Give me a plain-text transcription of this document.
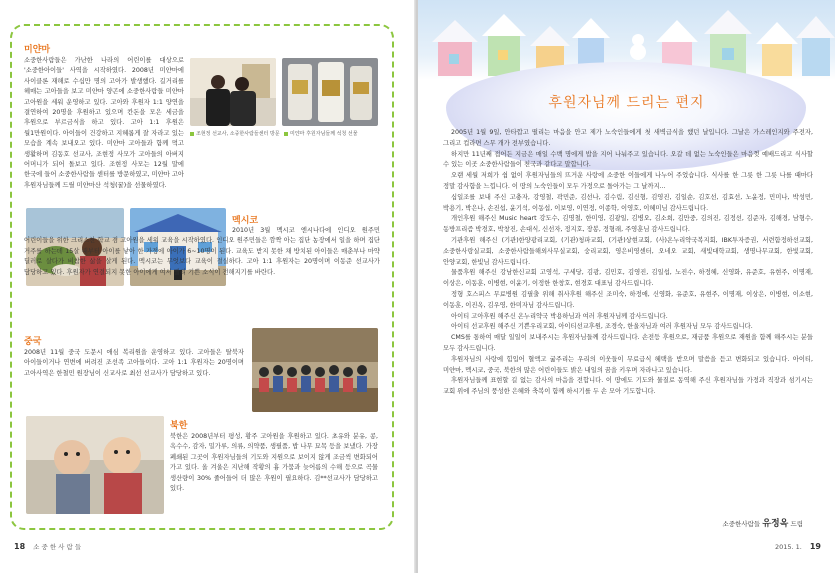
미얀마
소중한사람들은 가난한 나라의 어린이를 대상으로 '소중한아이들' 사역을 시작하였다. 2008년 미얀마에 사이클론 재해로 수십만 명의 고아가 발생했다. 길거리를 헤매는 고아들을 보고 미얀마 양곤에 소중한사람들 미얀마 고아원을 세워 운영하고 있다. 고아와 후원자 1:1 양연을 결연하여 20명을 후원하고 있으며 칸돈을 모은 세금을 후원으로 부르금식을 하고 있다. 고아 1:1 후원은 월1만원이다. 아이들이 건강하고 지혜롭게 잘 자라고 있는 모습을 계속 보내오고 있다. 미얀마 고아들과 함께 먹고 생활하며 김동호 선교사, 조현정 사모가 고아들의 아버지 어머니가 되어 돌보고 있다. 조현정 사모는 12월 말에 한국에 들어 소중한사람들 센터를 방문하였고, 미얀마 고아 후원자님들께 드릴 미얀마산 석청(꿀)을 선물하였다.
조현정 선교사, 소중한사람들센터 방문	미얀마 후원자님들께 석청 선물
멕시코
2010년 3월 멕시코 엔시나다에 인디오 원주민 어린이들을 위한 크리스찬 학교 겸 고아원을 세워 교육을 시작하였다. 인디오 원주민들은 깜짝 아는 집단 농장에서 일을 하며 집단 거주를 하는데 15살 때부터 아이를 낳아 한 가정에 아이가 6~10명이 된다. 교육도 받지 못한 채 방치된 아이들은 매춘부나 마약 딜러로 살다가 비참한 삶을 살게 된다. 멕시코는 무엇보다 교육이 절실하다. 고아 1:1 후원자는 20명이며 이동준 선교사가 담당하고 있다. 후원자가 연결되지 못한 아이에게 여서 빨리 기쁜 소식이 전해지기를 바란다.
중국
2008년 11월 중국 도문시 애심 복리원을 운영하고 있다. 고아들은 탈북자 아이들이거나 연변에 버려진 조선족 고아들이다. 고아 1:1 후원자는 20명이며 고아사역은 한철민 원장님이 신교사로 최선 선교사가 담당하고 있다.
북한
북한은 2008년부터 평성, 황주 고아원을 후원하고 있다. 초유와 분유, 콩, 옥수수, 감자, 밀가루, 의류, 의약품, 생필품, 밥 나무 묘목 등을 보냈다. 가장 폐쇄된 그곳이 후원자님들의 기도와 지원으로 보이지 않게 조금씩 변화되어 가고 있다. 올 겨울은 지난해 작황의 흉 가뭄과 늦어름의 수해 등으로 곡물 생산량이 30% 줄어들어 더 많은 후원이 필요하다. 김**선교사가 담당하고 있다.
18 소 중 한 사 람 들
후원자님께 드리는 편지

2005년 1월 9일, 안타깝고 떨리는 마음을 안고 제가 노숙인들에게 첫 새벽급식을 했던 날입니다. 그날은 가스레인지와 주전자, 그리고 컵라면 스무 개가 전부였습니다.

하지만 11년째 접어든 지금은 매일 수백 명에게 밥을 지어 나눠주고 있습니다. 오갈 데 없는 노숙인들은 마음껏 예배드리고 식사할 수 있는 이곳 소중한사람들이 천국과 같다고 말합니다.

오랜 세월 저희가 쉽 없이 후원자님들의 뜨거운 사랑에 소중한 이들에게 나누어 주었습니다. 식사를 한 그릇 한 그릇 나를 때마다 정말 감사함을 느낍니다. 이 땅의 노숙인들이 모두 가정으로 돌아가는 그 날까지...

십일조를 보내 주신 고충자, 강영철, 곽민준, 김선나, 김수림, 김신형, 김영진, 김일순, 김호선, 김효선, 노윤정, 민미나, 박성민, 박용기, 박은나, 손진섭, 윤기석, 이동섭, 이보영, 이연정, 이종학, 이영호, 이혜미님 감사드립니다.

개인후원 해주신 Music heart 강도수, 김명철, 한미영, 김광일, 김병오, 김소희, 김만중, 김의진, 김정선, 김준자, 김해경, 남형수, 동방프리즘 박경호, 박창진, 손대식, 신선자, 정지호, 장봉, 정형래, 주영훈님 감사드립니다.

기관후원 해주신 (기관)한양광리교회, (기관)청파교회, (기관)상현교회, (사)온누리약국복지회, IBK투자증권, 서련함정하선교회, 소중한사랑실교회, 소중한사람들해외사무실교회, 숭리교회, 영은비영센터, 오네오 교회, 새빛대학교회, 생명나무교회, 한빛교회, 안양교회, 한빛님 감사드립니다.

물품후원 해주신 강남한신교회 고영석, 구세당, 김광, 김민호, 김영진, 김일섭, 노진수, 하정혜, 신영화, 유준호, 유현주, 이명재, 이상은, 이동훈, 이병현, 이윤기, 이정한 한창호, 현경호 대표님 감사드립니다.

정형 호스피스 무료병원 김필출 위해 취사후원 해주신 조미숙, 하정애, 신영화, 유준호, 유현주, 이명재, 이상은, 이병현, 이소현, 이동훈, 이진옥, 김우영, 한미자님 감사드립니다.

아이티 고아후원 해주신 온누리약국 박용하님과 여러 후원자님께 감사드립니다.

아이티 선교후원 해주신 기쁜우리교회, 아이티선교후원, 조경숙, 한울자님과 여러 후원자님 모두 감사드립니다.

CMS를 통하여 매달 일일이 보내주시는 후원자님들께 감사드립니다. 손전등 후원으로, 재금품 후원으로 재원을 함께 해주시는 분들 모두 감사드립니다.

후원자님의 사랑에 힘입어 혈액고 굶주리는 우리의 이웃들이 무료급식 혜택을 받으며 말씀을 듣고 변화되고 있습니다. 아이티, 미얀마, 멕시코, 중국, 북한의 많은 어린이들도 밝은 내일의 꿈을 키우며 자라나고 있습니다.

후원자님들께 표현할 길 없는 감사의 마음을 전합니다. 이 땅에도 기도와 물질로 동역해 주신 후원자님들 가정과 직장과 섬기시는 교회 위에 주님의 풍성한 은혜와 축복이 함께 하시기를 두 손 모아 기도합니다.

소중한사람들 유정옥 드림
2015. 1. 19
